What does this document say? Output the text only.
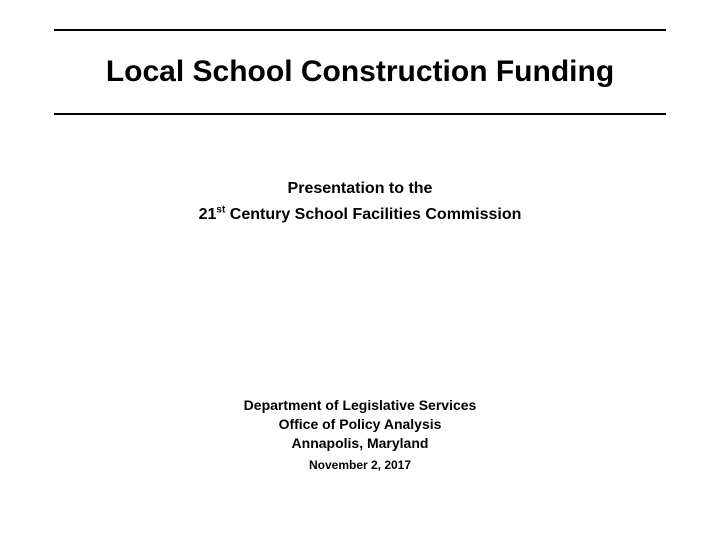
Local School Construction Funding
Presentation to the
21st Century School Facilities Commission
Department of Legislative Services
Office of Policy Analysis
Annapolis, Maryland
November 2, 2017
